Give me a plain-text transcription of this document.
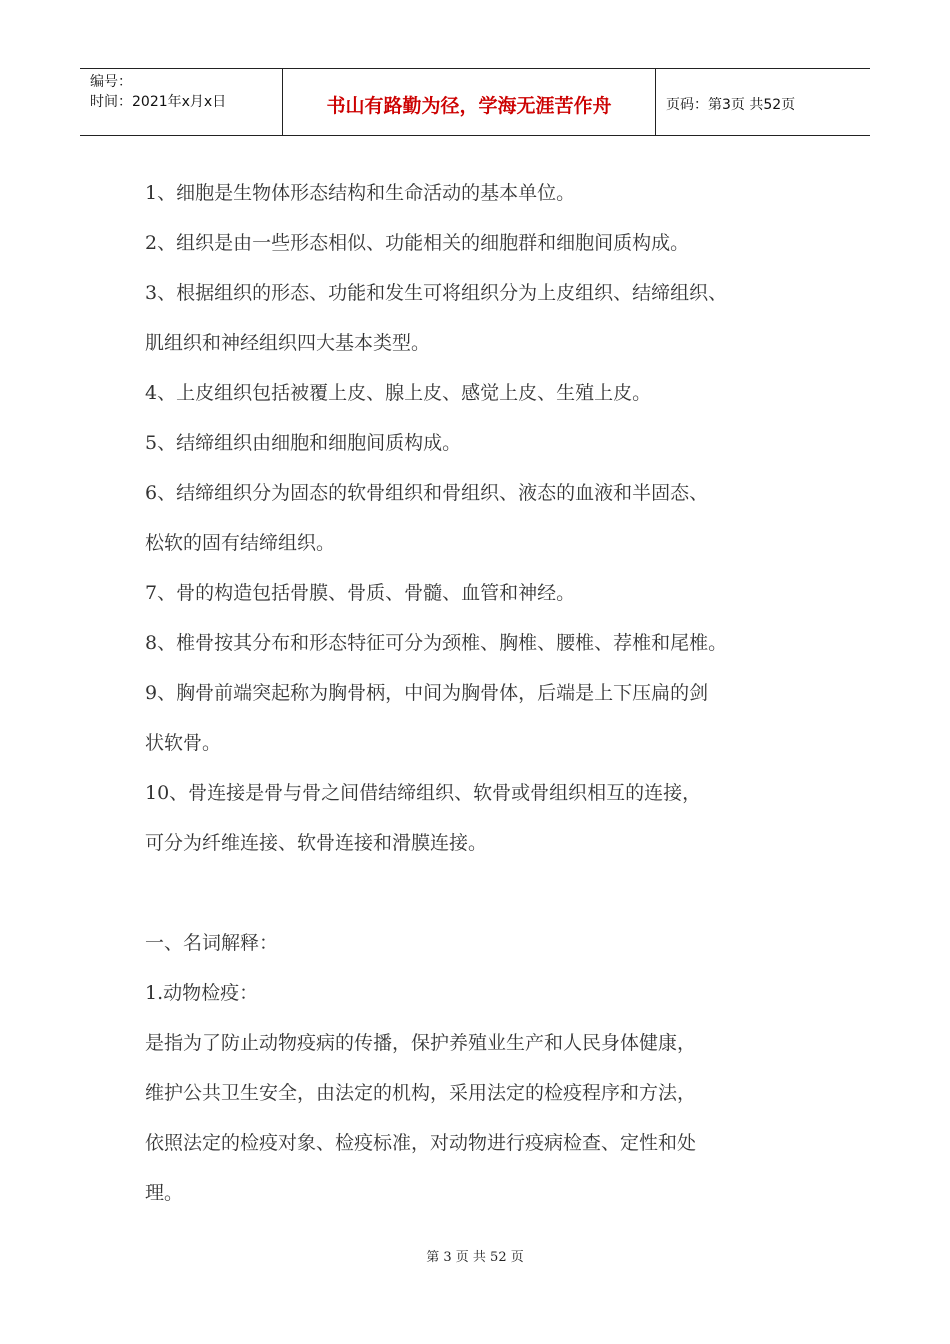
编号：
时间：2021年x月x日	书山有路勤为径，学海无涯苦作舟	页码：第3页 共52页
1、细胞是生物体形态结构和生命活动的基本单位。
2、组织是由一些形态相似、功能相关的细胞群和细胞间质构成。
3、根据组织的形态、功能和发生可将组织分为上皮组织、结缔组织、
肌组织和神经组织四大基本类型。
4、上皮组织包括被覆上皮、腺上皮、感觉上皮、生殖上皮。
5、结缔组织由细胞和细胞间质构成。
6、结缔组织分为固态的软骨组织和骨组织、液态的血液和半固态、
松软的固有结缔组织。
7、骨的构造包括骨膜、骨质、骨髓、血管和神经。
8、椎骨按其分布和形态特征可分为颈椎、胸椎、腰椎、荐椎和尾椎。
9、胸骨前端突起称为胸骨柄，中间为胸骨体，后端是上下压扁的剑
状软骨。
10、骨连接是骨与骨之间借结缔组织、软骨或骨组织相互的连接，
可分为纤维连接、软骨连接和滑膜连接。
一、名词解释：
1.动物检疫：
是指为了防止动物疫病的传播，保护养殖业生产和人民身体健康，
维护公共卫生安全，由法定的机构，采用法定的检疫程序和方法，
依照法定的检疫对象、检疫标准，对动物进行疫病检查、定性和处
理。
第 3 页 共 52 页
